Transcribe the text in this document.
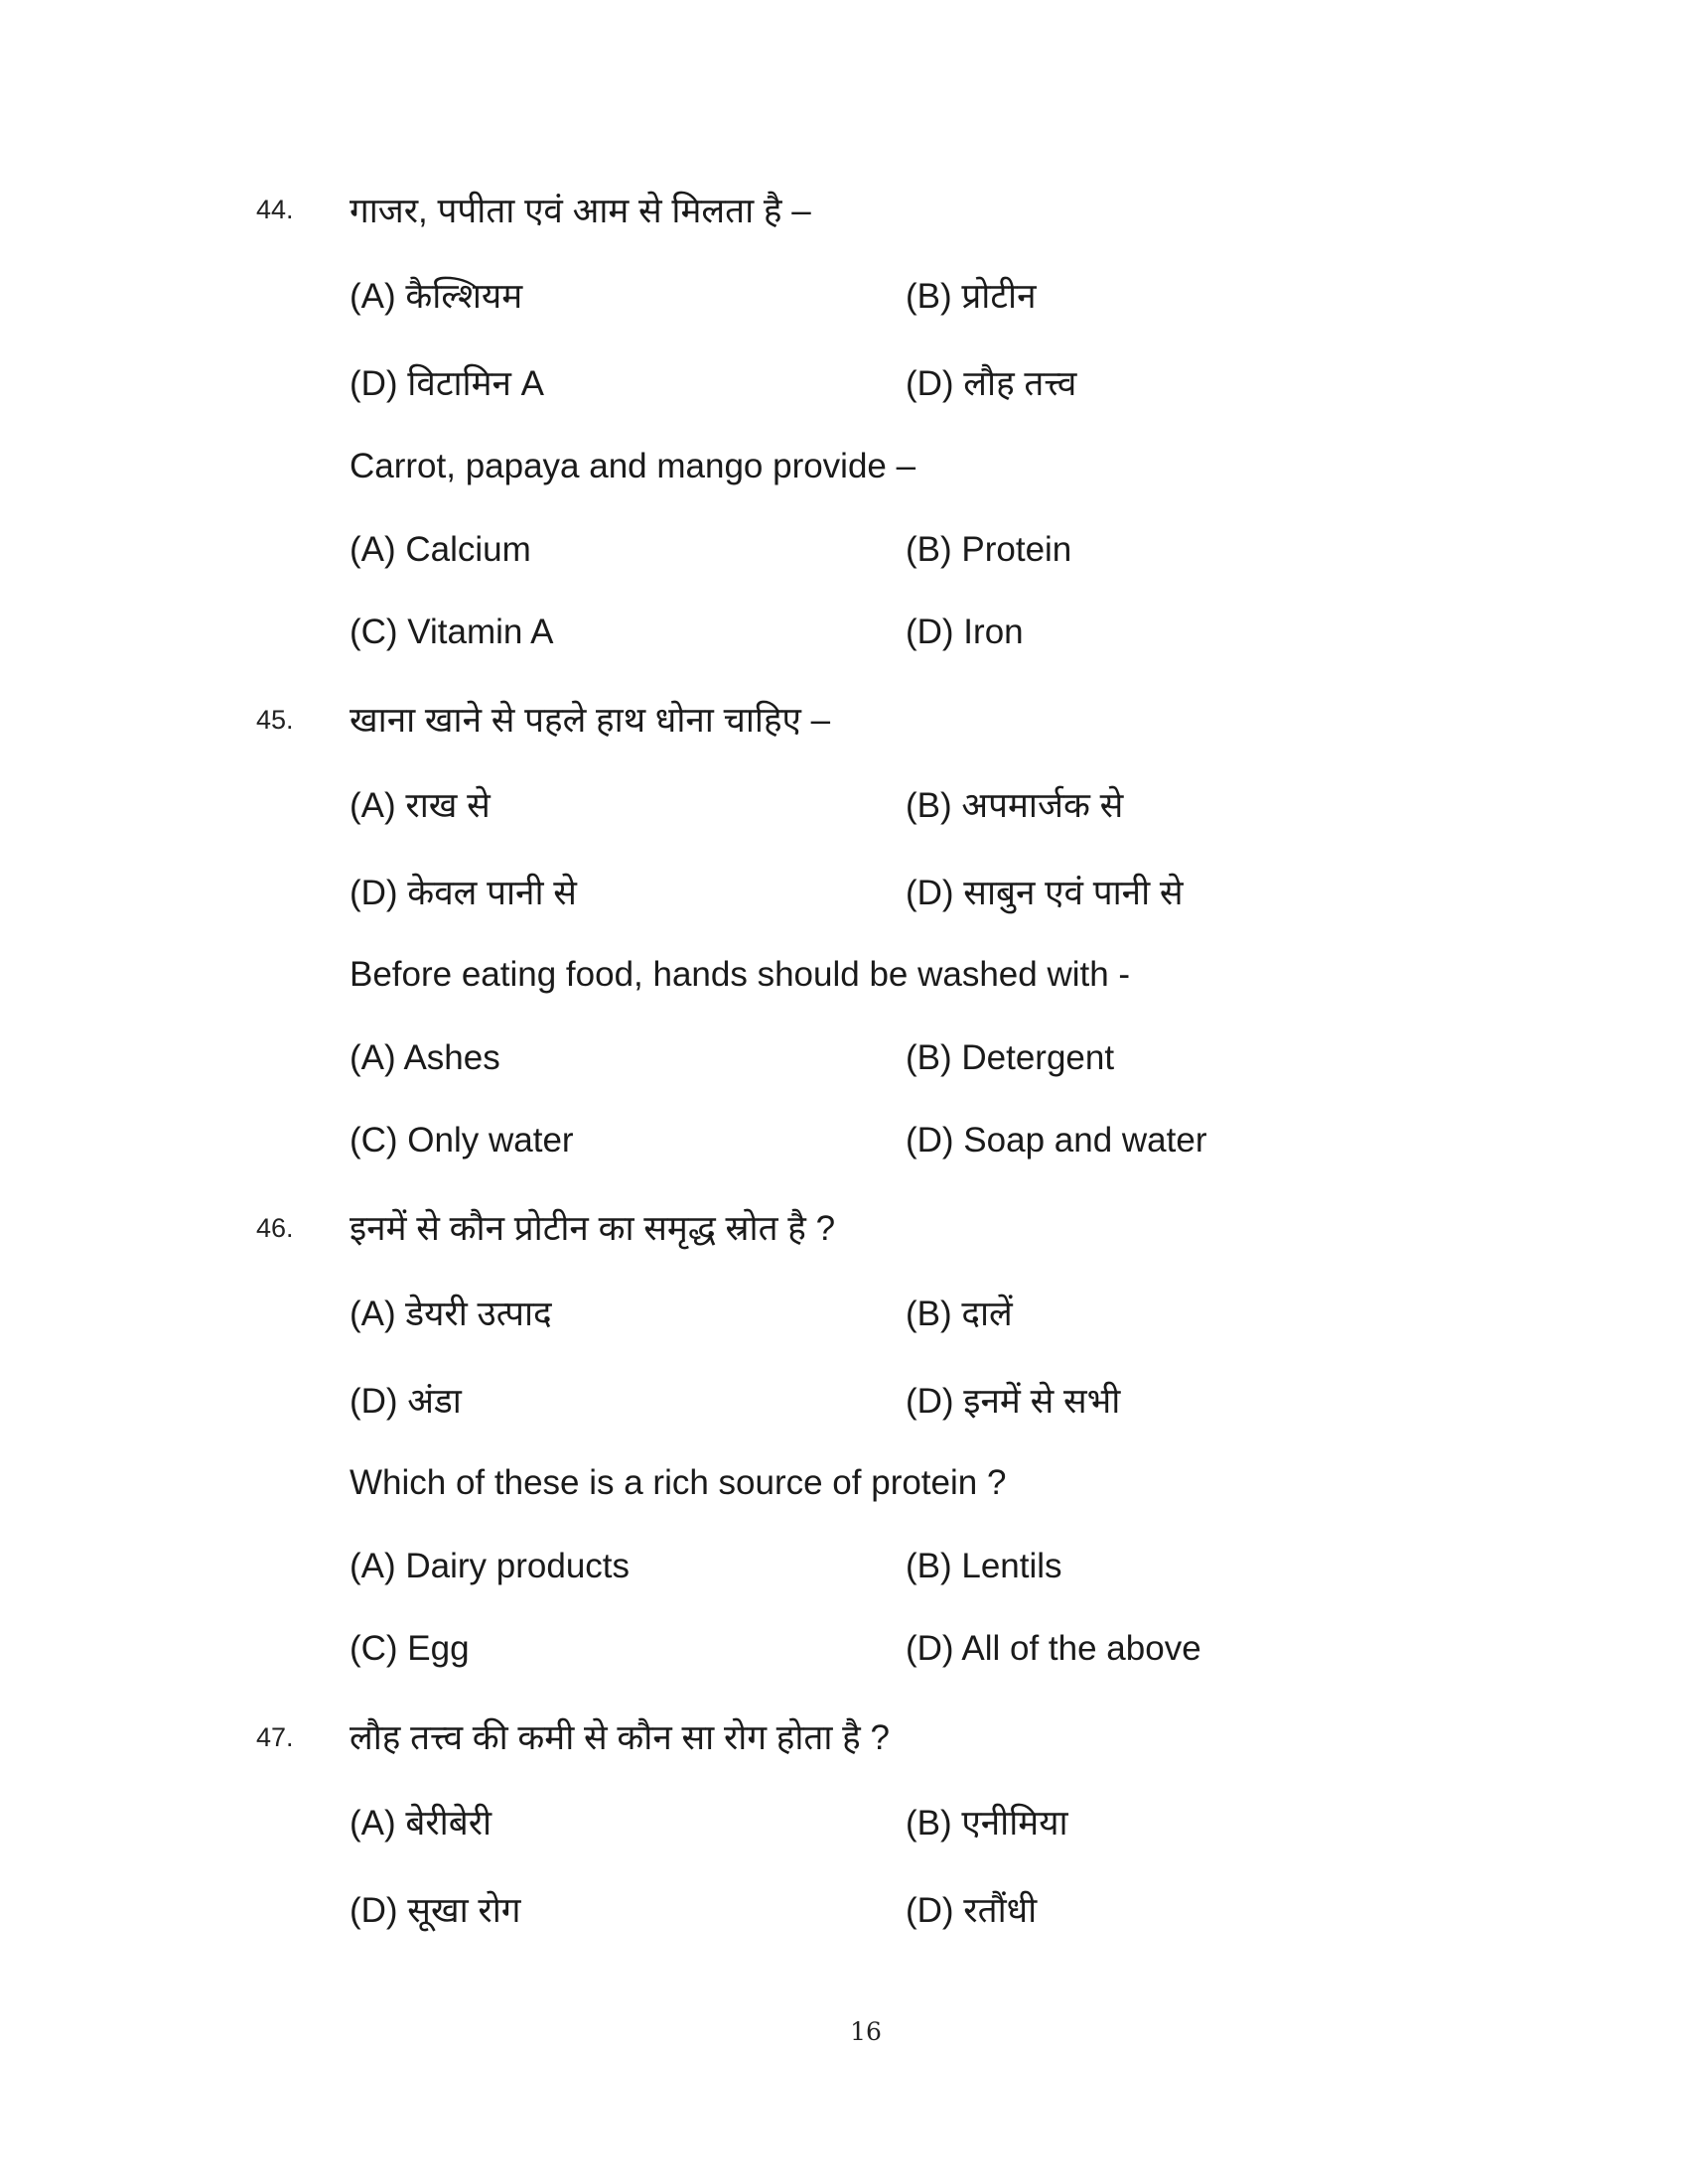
44. गाजर, पपीता एवं आम से मिलता है –
(A) कैल्शियम	(B) प्रोटीन
(D) विटामिन A	(D) लौह तत्त्व
Carrot, papaya and mango provide –
(A) Calcium	(B) Protein
(C) Vitamin A	(D) Iron
45. खाना खाने से पहले हाथ धोना चाहिए –
(A) राख से	(B) अपमार्जक से
(D) केवल पानी से	(D) साबुन एवं पानी से
Before eating food, hands should be washed with -
(A) Ashes	(B) Detergent
(C) Only water	(D) Soap and water
46. इनमें से कौन प्रोटीन का समृद्ध स्रोत है ?
(A) डेयरी उत्पाद	(B) दालें
(D) अंडा	(D) इनमें से सभी
Which of these is a rich source of protein ?
(A) Dairy products	(B) Lentils
(C) Egg	(D) All of the above
47. लौह तत्त्व की कमी से कौन सा रोग होता है ?
(A) बेरीबेरी	(B) एनीमिया
(D) सूखा रोग	(D) रतौंधी
16
